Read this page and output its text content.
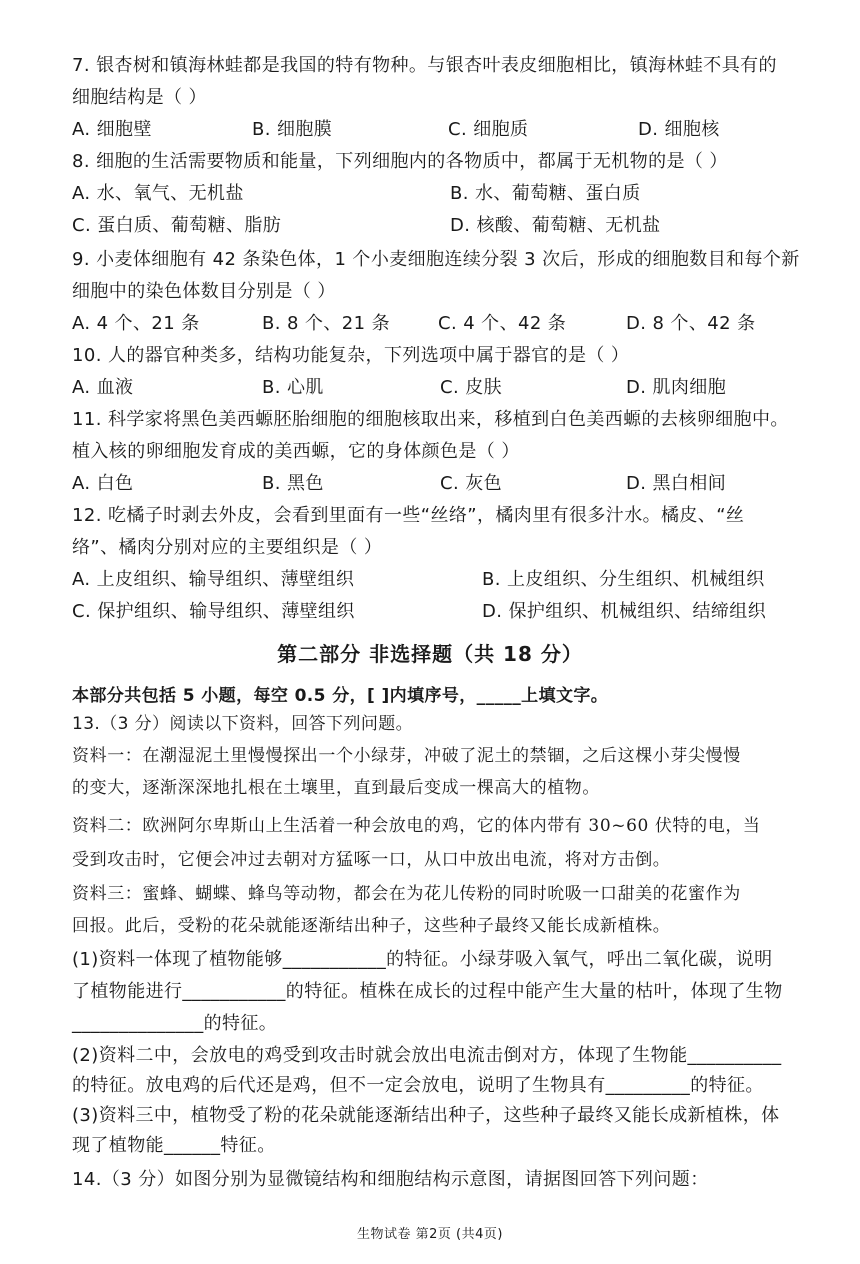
7. 银杏树和镇海林蛙都是我国的特有物种。与银杏叶表皮细胞相比，镇海林蛙不具有的
细胞结构是（ ）
A. 细胞壁	B. 细胞膜	C. 细胞质	D. 细胞核
8. 细胞的生活需要物质和能量，下列细胞内的各物质中，都属于无机物的是（ ）
A. 水、氧气、无机盐	B. 水、葡萄糖、蛋白质
C. 蛋白质、葡萄糖、脂肪	D. 核酸、葡萄糖、无机盐
9. 小麦体细胞有 42 条染色体，1 个小麦细胞连续分裂 3 次后，形成的细胞数目和每个新
细胞中的染色体数目分别是（ ）
A. 4 个、21 条	B. 8 个、21 条	C. 4 个、42 条	D. 8 个、42 条
10. 人的器官种类多，结构功能复杂，下列选项中属于器官的是（ ）
A. 血液	B. 心肌	C. 皮肤	D. 肌肉细胞
11. 科学家将黑色美西螈胚胎细胞的细胞核取出来，移植到白色美西螈的去核卵细胞中。
植入核的卵细胞发育成的美西螈，它的身体颜色是（ ）
A. 白色	B. 黑色	C. 灰色	D. 黑白相间
12. 吃橘子时剥去外皮，会看到里面有一些“丝络”，橘肉里有很多汁水。橘皮、“丝
络”、橘肉分别对应的主要组织是（ ）
A. 上皮组织、输导组织、薄壁组织	B. 上皮组织、分生组织、机械组织
C. 保护组织、输导组织、薄壁组织	D. 保护组织、机械组织、结缔组织
第二部分 非选择题（共 18 分）
本部分共包括 5 小题，每空 0.5 分，[ ]内填序号，_____上填文字。
13.（3 分）阅读以下资料，回答下列问题。
资料一：在潮湿泥土里慢慢探出一个小绿芽，冲破了泥土的禁锢，之后这棵小芽尖慢慢
的变大，逐渐深深地扎根在土壤里，直到最后变成一棵高大的植物。
资料二：欧洲阿尔卑斯山上生活着一种会放电的鸡，它的体内带有 30~60 伏特的电，当
受到攻击时，它便会冲过去朝对方猛啄一口，从口中放出电流，将对方击倒。
资料三：蜜蜂、蝴蝶、蜂鸟等动物，都会在为花儿传粉的同时吮吸一口甜美的花蜜作为
回报。此后，受粉的花朵就能逐渐结出种子，这些种子最终又能长成新植株。
(1)资料一体现了植物能够___________的特征。小绿芽吸入氧气，呼出二氧化碳，说明
了植物能进行___________的特征。植株在成长的过程中能产生大量的枯叶，体现了生物
______________的特征。
(2)资料二中，会放电的鸡受到攻击时就会放出电流击倒对方，体现了生物能__________
的特征。放电鸡的后代还是鸡，但不一定会放电，说明了生物具有_________的特征。
(3)资料三中，植物受了粉的花朵就能逐渐结出种子，这些种子最终又能长成新植株，体
现了植物能______特征。
14.（3 分）如图分别为显微镜结构和细胞结构示意图，请据图回答下列问题：
生物试卷 第2页 (共4页)
